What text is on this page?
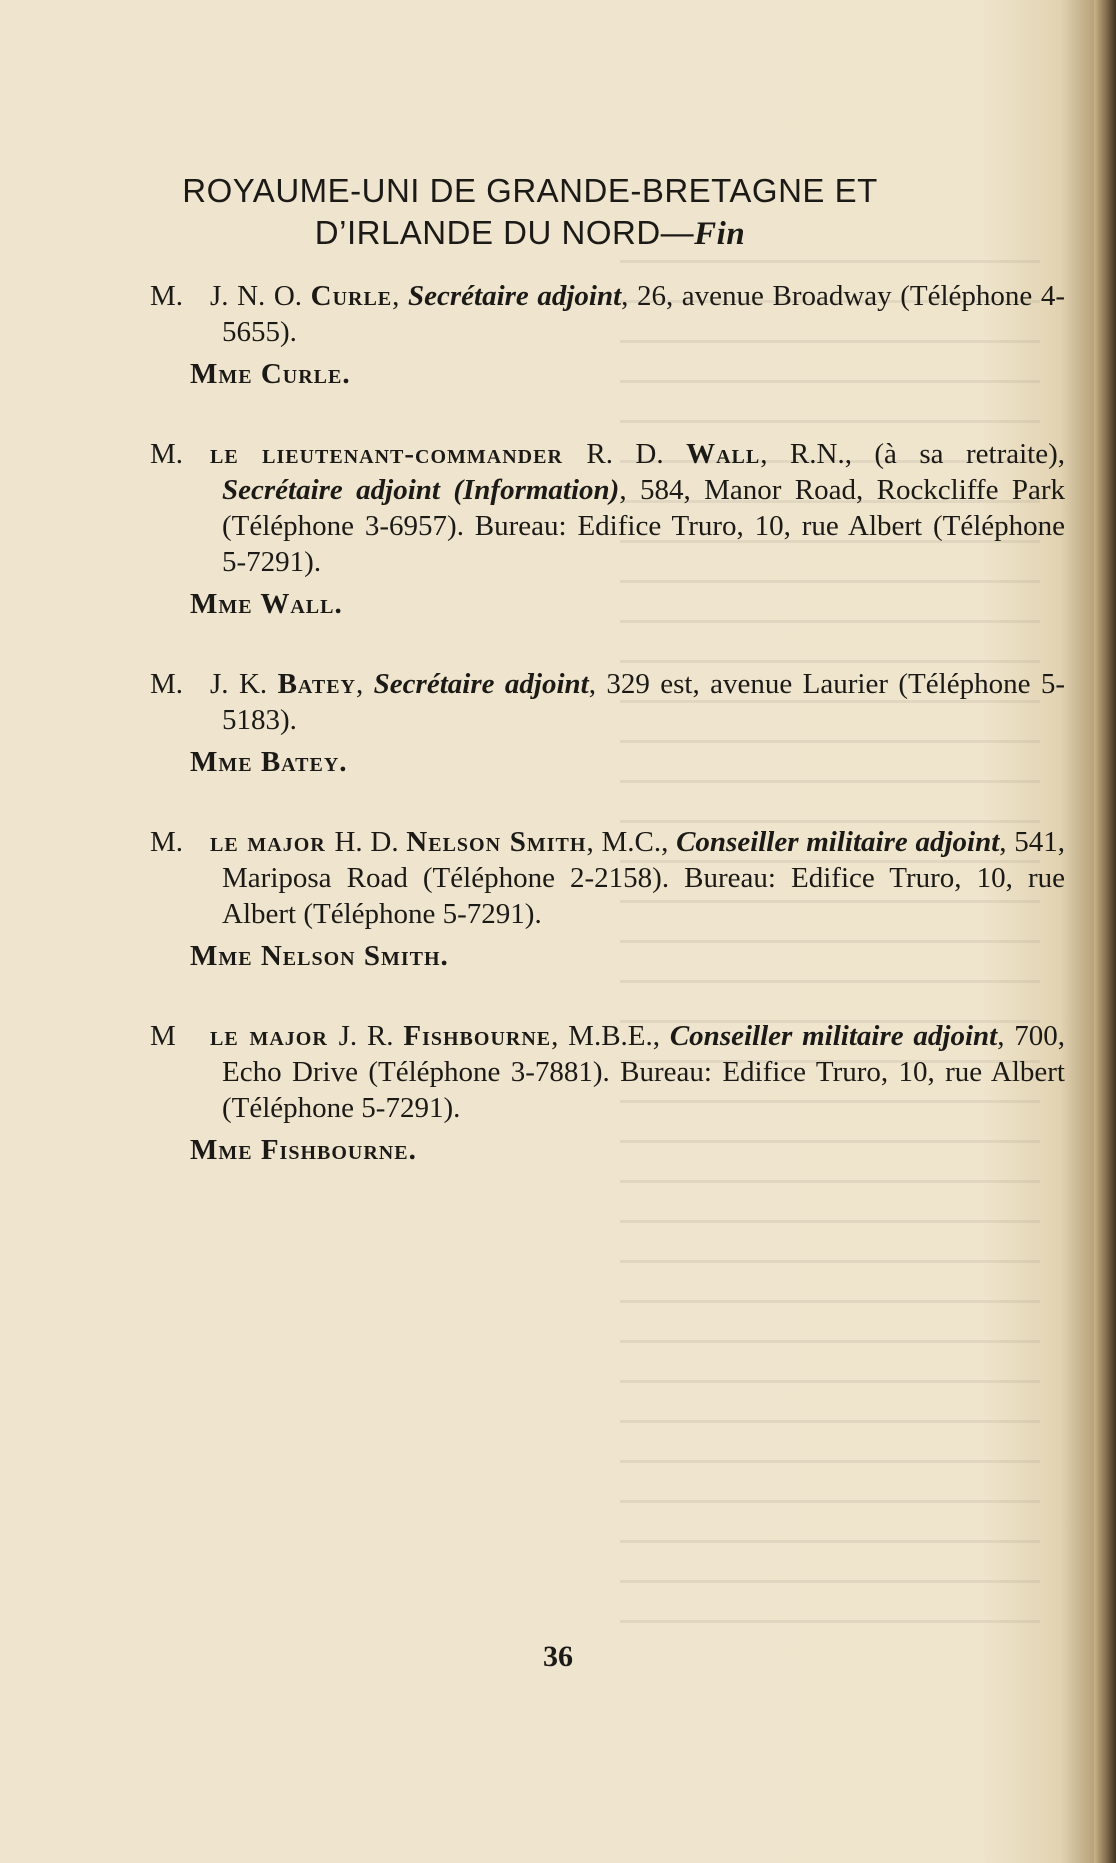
ROYAUME-UNI DE GRANDE-BRETAGNE ET
D’IRLANDE DU NORD—Fin
M. J. N. O. Curle, Secrétaire adjoint, 26, avenue Broadway (Téléphone 4-5655).
Mme Curle.
M. le lieutenant-commander R. D. Wall, R.N., (à sa retraite), Secrétaire adjoint (Information), 584, Manor Road, Rockcliffe Park (Téléphone 3-6957). Bureau: Edifice Truro, 10, rue Albert (Téléphone 5-7291).
Mme Wall.
M. J. K. Batey, Secrétaire adjoint, 329 est, avenue Laurier (Téléphone 5-5183).
Mme Batey.
M. le major H. D. Nelson Smith, M.C., Conseiller militaire adjoint, 541, Mariposa Road (Téléphone 2-2158). Bureau: Edifice Truro, 10, rue Albert (Téléphone 5-7291).
Mme Nelson Smith.
M le major J. R. Fishbourne, M.B.E., Conseiller militaire adjoint, 700, Echo Drive (Téléphone 3-7881). Bureau: Edifice Truro, 10, rue Albert (Téléphone 5-7291).
Mme Fishbourne.
36
